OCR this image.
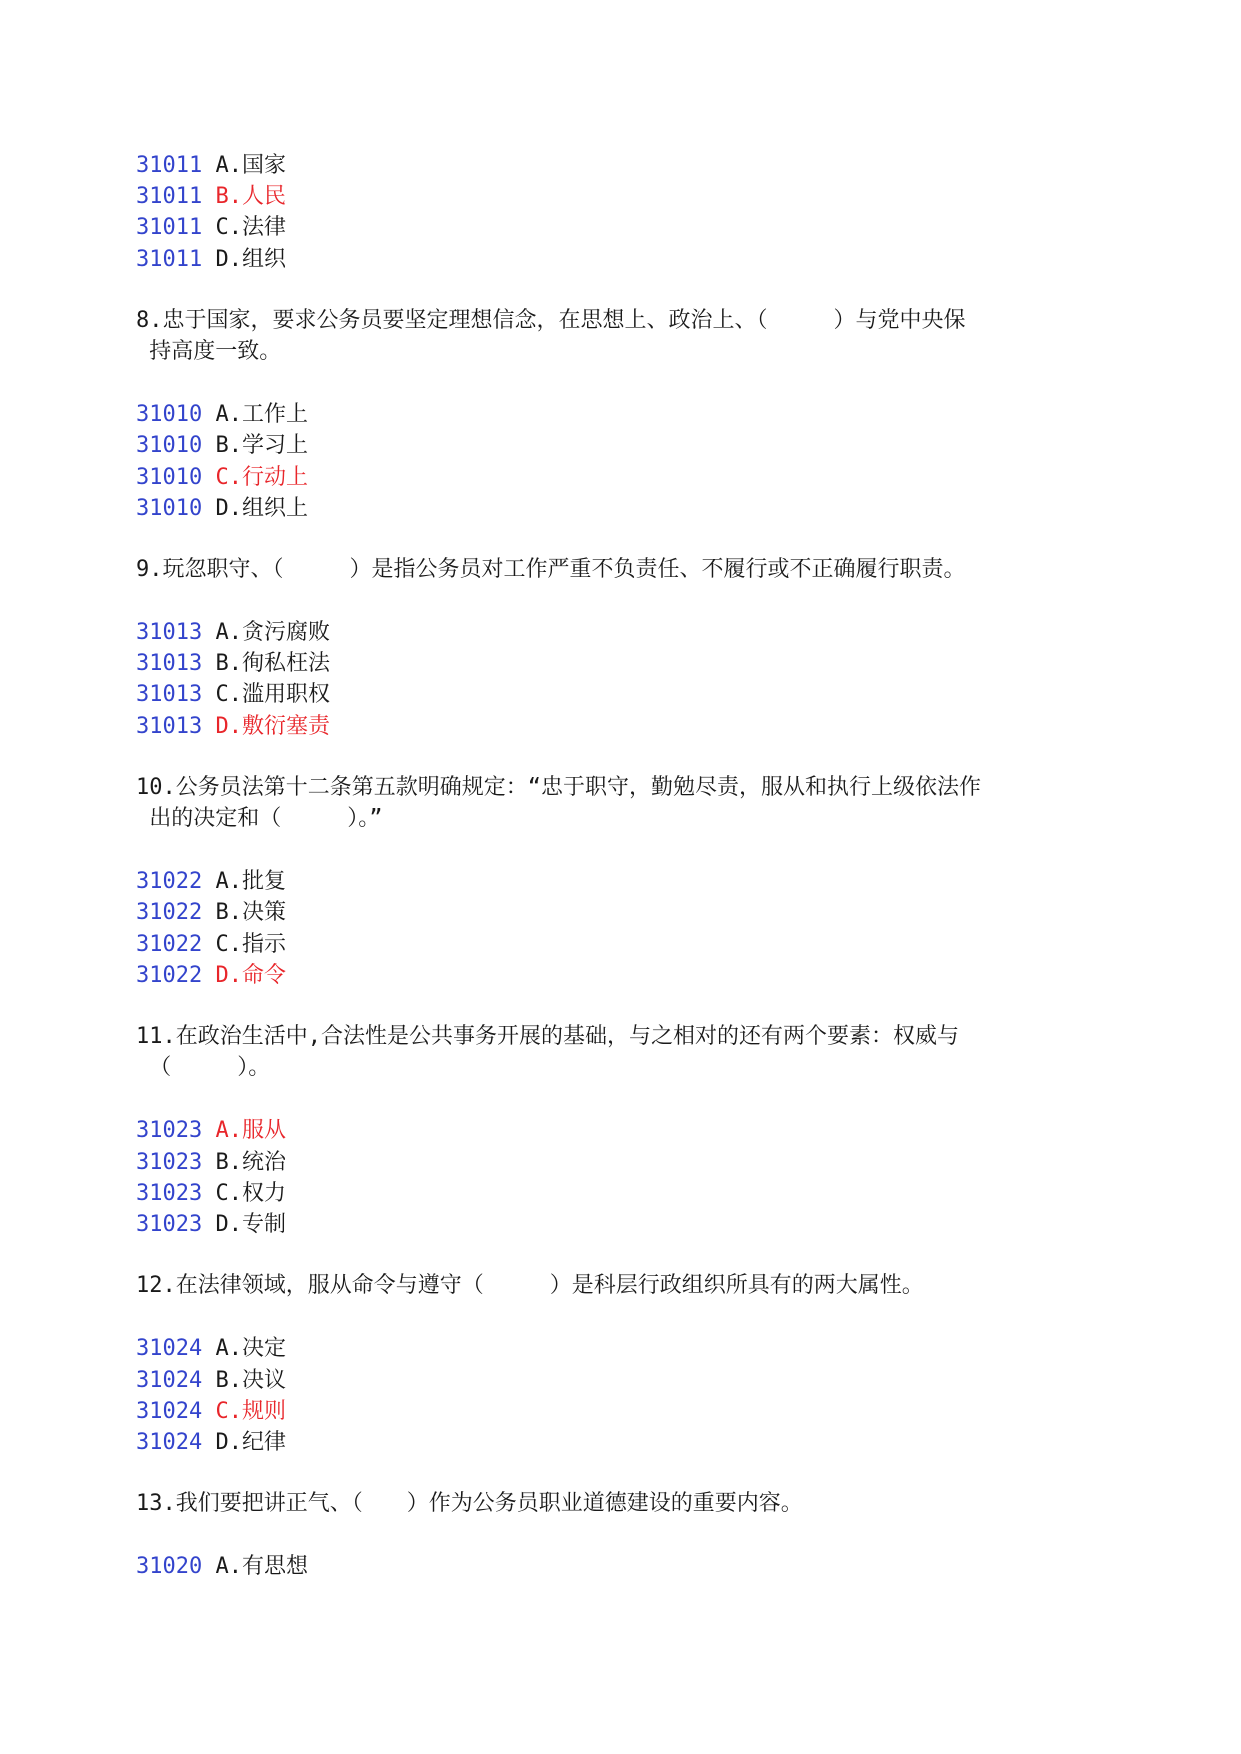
31011 A.国家
31011 B.人民
31011 C.法律
31011 D.组织
8.忠于国家，要求公务员要坚定理想信念，在思想上、政治上、（　　　）与党中央保
持高度一致。
31010 A.工作上
31010 B.学习上
31010 C.行动上
31010 D.组织上
9.玩忽职守、（　　　）是指公务员对工作严重不负责任、不履行或不正确履行职责。
31013 A.贪污腐败
31013 B.徇私枉法
31013 C.滥用职权
31013 D.敷衍塞责
10.公务员法第十二条第五款明确规定：“忠于职守，勤勉尽责，服从和执行上级依法作
出的决定和（　　　）。”
31022 A.批复
31022 B.决策
31022 C.指示
31022 D.命令
11.在政治生活中,合法性是公共事务开展的基础，与之相对的还有两个要素：权威与
（　　　）。
31023 A.服从
31023 B.统治
31023 C.权力
31023 D.专制
12.在法律领域，服从命令与遵守（　　　）是科层行政组织所具有的两大属性。
31024 A.决定
31024 B.决议
31024 C.规则
31024 D.纪律
13.我们要把讲正气、（　　）作为公务员职业道德建设的重要内容。
31020 A.有思想
